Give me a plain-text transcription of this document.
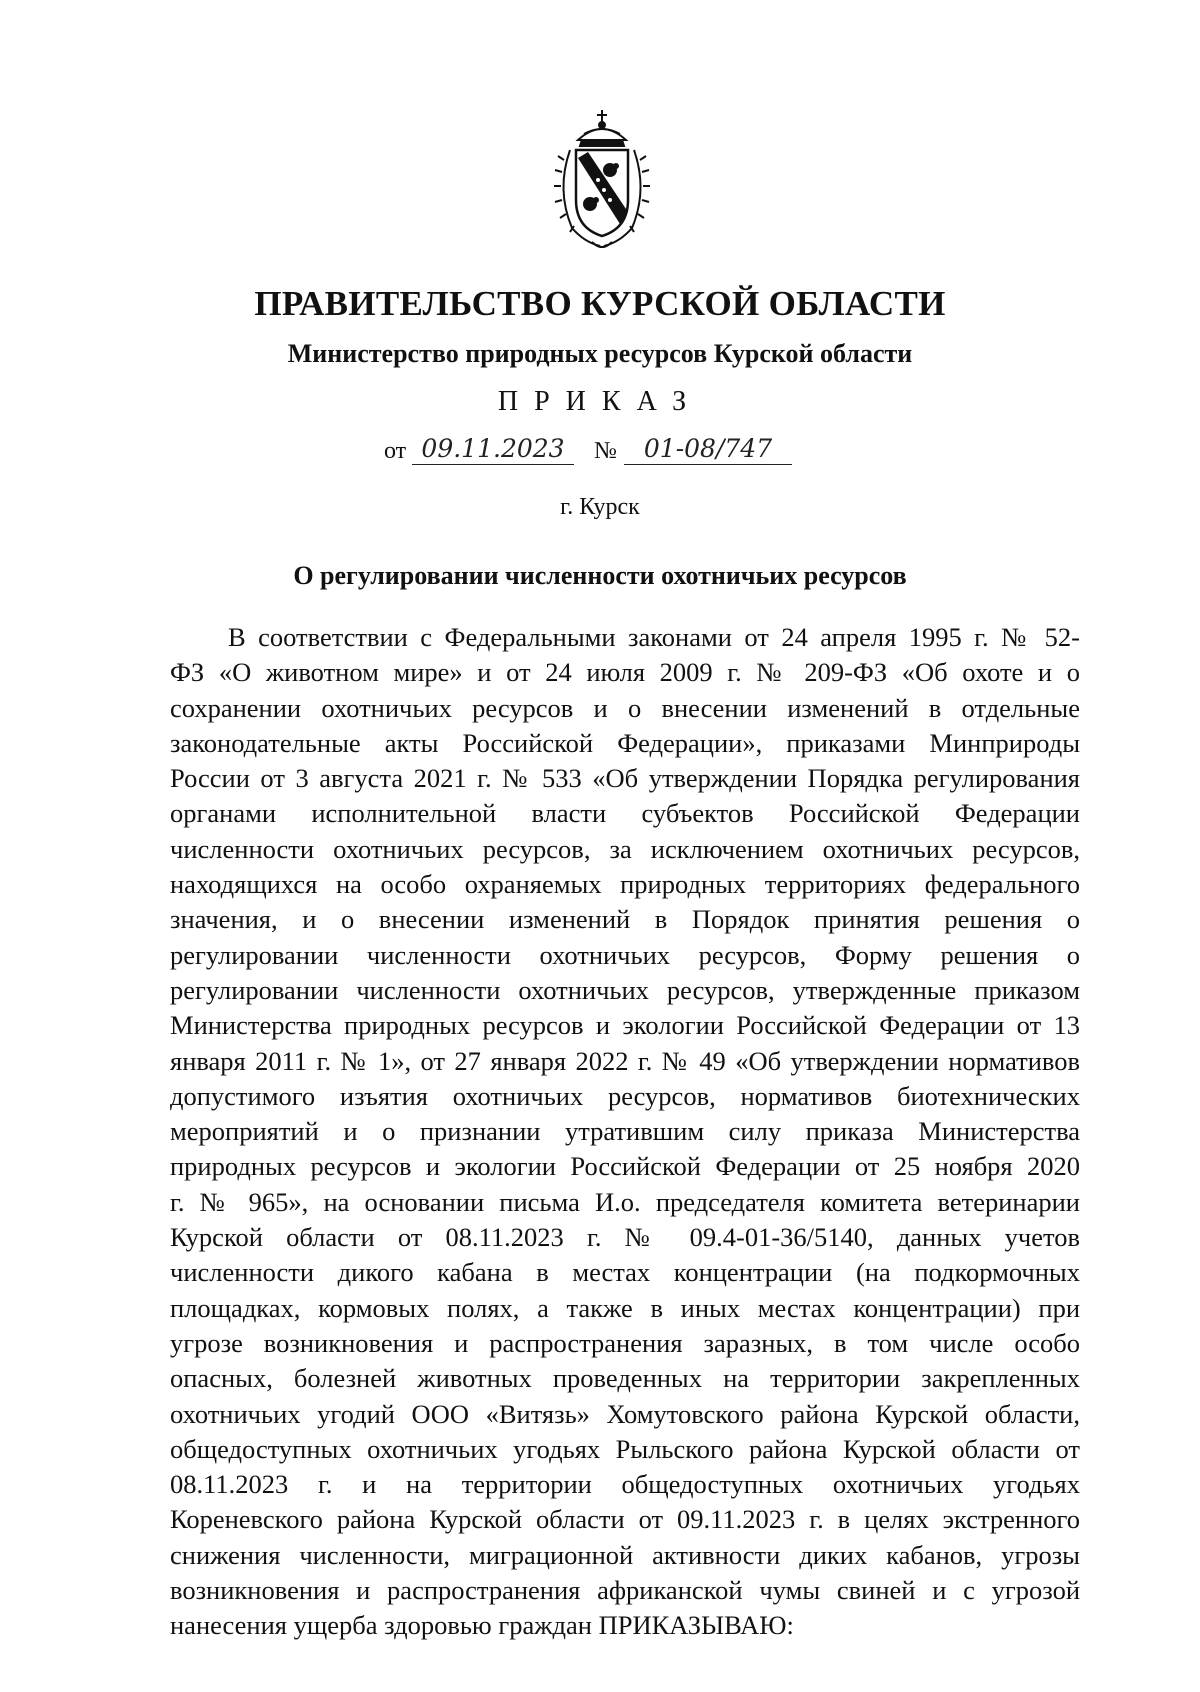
ПРАВИТЕЛЬСТВО КУРСКОЙ ОБЛАСТИ
Министерство природных ресурсов Курской области
ПРИКАЗ
от 09.11.2023	№	01-08/747
г. Курск
О регулировании численности охотничьих ресурсов
В соответствии с Федеральными законами от 24 апреля 1995 г. № 52-
ФЗ «О животном мире» и от 24 июля 2009 г. № 209-ФЗ «Об охоте и о
сохранении охотничьих ресурсов и о внесении изменений в отдельные
законодательные акты Российской Федерации», приказами Минприроды
России от 3 августа 2021 г. № 533 «Об утверждении Порядка регулирования
органами исполнительной власти субъектов Российской Федерации
численности охотничьих ресурсов, за исключением охотничьих ресурсов,
находящихся на особо охраняемых природных территориях федерального
значения, и о внесении изменений в Порядок принятия решения о
регулировании численности охотничьих ресурсов, Форму решения о
регулировании численности охотничьих ресурсов, утвержденные приказом
Министерства природных ресурсов и экологии Российской Федерации от 13
января 2011 г. № 1», от 27 января 2022 г. № 49 «Об утверждении нормативов
допустимого изъятия охотничьих ресурсов, нормативов биотехнических
мероприятий и о признании утратившим силу приказа Министерства
природных ресурсов и экологии Российской Федерации от 25 ноября 2020
г. № 965», на основании письма И.о. председателя комитета ветеринарии
Курской области от 08.11.2023 г. № 09.4-01-36/5140, данных учетов
численности дикого кабана в местах концентрации (на подкормочных
площадках, кормовых полях, а также в иных местах концентрации) при
угрозе возникновения и распространения заразных, в том числе особо
опасных, болезней животных проведенных на территории закрепленных
охотничьих угодий ООО «Витязь» Хомутовского района Курской области,
общедоступных охотничьих угодьях Рыльского района Курской области от
08.11.2023 г. и на территории общедоступных охотничьих угодьях
Кореневского района Курской области от 09.11.2023 г. в целях экстренного
снижения численности, миграционной активности диких кабанов, угрозы
возникновения и распространения африканской чумы свиней и с угрозой
нанесения ущерба здоровью граждан ПРИКАЗЫВАЮ:
